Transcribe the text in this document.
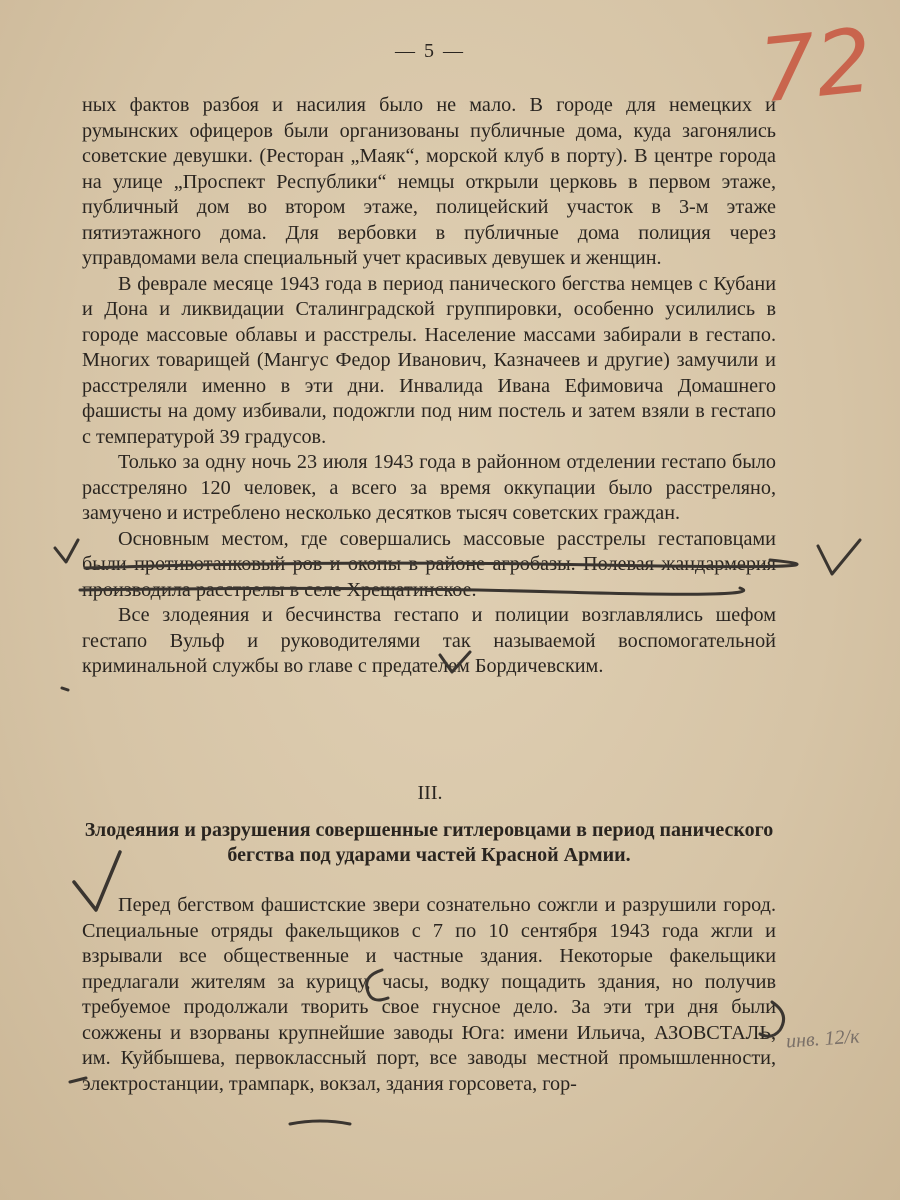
— 5 —	72

ных фактов разбоя и насилия было не мало. В городе для немецких и румынских офицеров были организованы публичные дома, куда загонялись советские девушки. (Ресторан „Маяк“, морской клуб в порту). В центре города на улице „Проспект Республики“ немцы открыли церковь в первом этаже, публичный дом во втором этаже, полицейский участок в 3-м этаже пятиэтажного дома. Для вербовки в публичные дома полиция через управдомами вела специальный учет красивых девушек и женщин.

В феврале месяце 1943 года в период панического бегства немцев с Кубани и Дона и ликвидации Сталинградской группировки, особенно усилились в городе массовые облавы и расстрелы. Население массами забирали в гестапо. Многих товарищей (Мангус Федор Иванович, Казначеев и другие) замучили и расстреляли именно в эти дни. Инвалида Ивана Ефимовича Домашнего фашисты на дому избивали, подожгли под ним постель и затем взяли в гестапо с температурой 39 градусов.

Только за одну ночь 23 июля 1943 года в районном отделении гестапо было расстреляно 120 человек, а всего за время оккупации было расстреляно, замучено и истреблено несколько десятков тысяч советских граждан.

Основным местом, где совершались массовые расстрелы гестаповцами были противотанковый ров и окопы в районе агробазы. Полевая жандармерия производила расстрелы в селе Хрещатинское.

Все злодеяния и бесчинства гестапо и полиции возглавлялись шефом гестапо Вульф и руководителями так называемой воспомогательной криминальной службы во главе с предателем Бордичевским.

III.
Злодеяния и разрушения совершенные гитлеровцами в период панического бегства под ударами частей Красной Армии.

Перед бегством фашистские звери сознательно сожгли и разрушили город. Специальные отряды факельщиков с 7 по 10 сентября 1943 года жгли и взрывали все общественные и частные здания. Некоторые факельщики предлагали жителям за курицу, часы, водку пощадить здания, но получив требуемое продолжали творить свое гнусное дело. За эти три дня были сожжены и взорваны крупнейшие заводы Юга: имени Ильича, АЗОВСТАЛЬ, им. Куйбышева, первоклассный порт, все заводы местной промышленности, электростанции, трампарк, вокзал, здания горсовета, гор-

инв. 12/к
